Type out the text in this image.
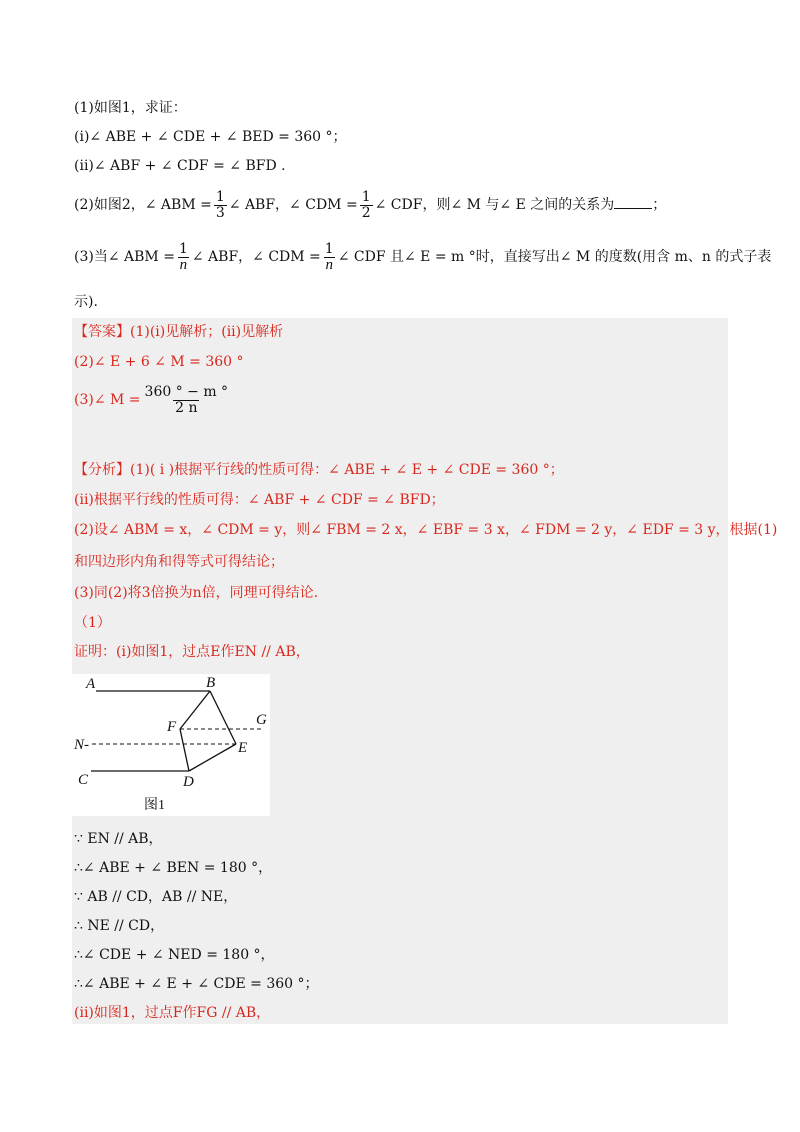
(1)如图1，求证：
(i)∠ ABE + ∠ CDE + ∠ BED = 360 °；
(ii)∠ ABF + ∠ CDF = ∠ BFD .
(2)如图2，∠ ABM = $\frac{1}{3}$ ∠ ABF，∠ CDM = $\frac{1}{2}$ ∠ CDF，则∠ M 与∠ E 之间的关系为	；
(3)当∠ ABM = $\frac{1}{n}$ ∠ ABF，∠ CDM = $\frac{1}{n}$ ∠ CDF 且∠ E = m °时，直接写出∠ M 的度数(用含 m、n 的式子表
示).
【答案】(1)(i)见解析；(ii)见解析
(2)∠ E + 6 ∠ M = 360 °
(3)∠ $M = \frac{360 ^\circ - m ^\circ}{2 n}$
【分析】(1)( ⅰ )根据平行线的性质可得：∠ ABE + ∠ E + ∠ CDE = 360 °；
(ii)根据平行线的性质可得：∠ ABF + ∠ CDF = ∠ BFD；
(2)设∠ ABM = x，∠ CDM = y，则∠ FBM = 2 x，∠ EBF = 3 x，∠ FDM = 2 y，∠ EDF = 3 y，根据(1)
和四边形内角和得等式可得结论；
(3)同(2)将3倍换为n倍，同理可得结论.
（1）
证明：(i)如图1，过点E作EN // AB，
A	B
F	G
N-	E
C	D
图1
∵ EN // AB，
∴∠ ABE + ∠ BEN = 180 °，
∵ AB // CD，AB // NE，
∴ NE // CD，
∴∠ CDE + ∠ NED = 180 °，
∴∠ ABE + ∠ E + ∠ CDE = 360 °；
(ii)如图1，过点F作FG // AB，
